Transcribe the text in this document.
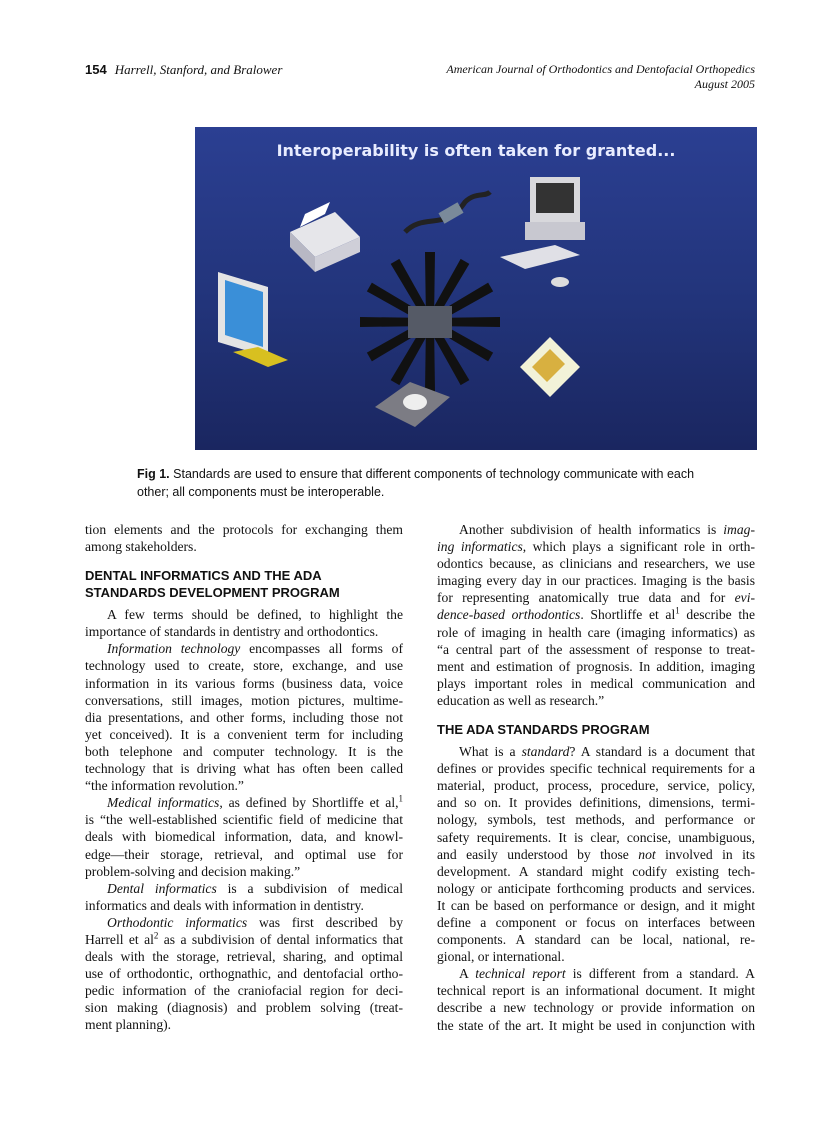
154 Harrell, Stanford, and Bralower	American Journal of Orthodontics and Dentofacial Orthopedics
August 2005
Interoperability is often taken for granted...
Fig 1. Standards are used to ensure that different components of technology communicate with each other; all components must be interoperable.
tion elements and the protocols for exchanging them
among stakeholders.
DENTAL INFORMATICS AND THE ADA
STANDARDS DEVELOPMENT PROGRAM
A few terms should be defined, to highlight the
importance of standards in dentistry and orthodontics.
Information technology encompasses all forms of
technology used to create, store, exchange, and use
information in its various forms (business data, voice
conversations, still images, motion pictures, multime-
dia presentations, and other forms, including those not
yet conceived). It is a convenient term for including
both telephone and computer technology. It is the
technology that is driving what has often been called
“the information revolution.”
Medical informatics, as defined by Shortliffe et al,$^1$
is “the well-established scientific field of medicine that
deals with biomedical information, data, and knowl-
edge—their storage, retrieval, and optimal use for
problem-solving and decision making.”
Dental informatics is a subdivision of medical
informatics and deals with information in dentistry.
Orthodontic informatics was first described by
Harrell et $al^2$ as a subdivision of dental informatics that
deals with the storage, retrieval, sharing, and optimal
use of orthodontic, orthognathic, and dentofacial ortho-
pedic information of the craniofacial region for deci-
sion making (diagnosis) and problem solving (treat-
ment planning).
Another subdivision of health informatics is imag-
ing informatics, which plays a significant role in orth-
odontics because, as clinicians and researchers, we use
imaging every day in our practices. Imaging is the basis
for representing anatomically true data and for evi-
dence-based orthodontics. Shortliffe et $al^1$ describe the
role of imaging in health care (imaging informatics) as
“a central part of the assessment of response to treat-
ment and estimation of prognosis. In addition, imaging
plays important roles in medical communication and
education as well as research.”
THE ADA STANDARDS PROGRAM
What is a standard? A standard is a document that
defines or provides specific technical requirements for a
material, product, process, procedure, service, policy,
and so on. It provides definitions, dimensions, termi-
nology, symbols, test methods, and performance or
safety requirements. It is clear, concise, unambiguous,
and easily understood by those not involved in its
development. A standard might codify existing tech-
nology or anticipate forthcoming products and services.
It can be based on performance or design, and it might
define a component or focus on interfaces between
components. A standard can be local, national, re-
gional, or international.
A technical report is different from a standard. A
technical report is an informational document. It might
describe a new technology or provide information on
the state of the art. It might be used in conjunction with
